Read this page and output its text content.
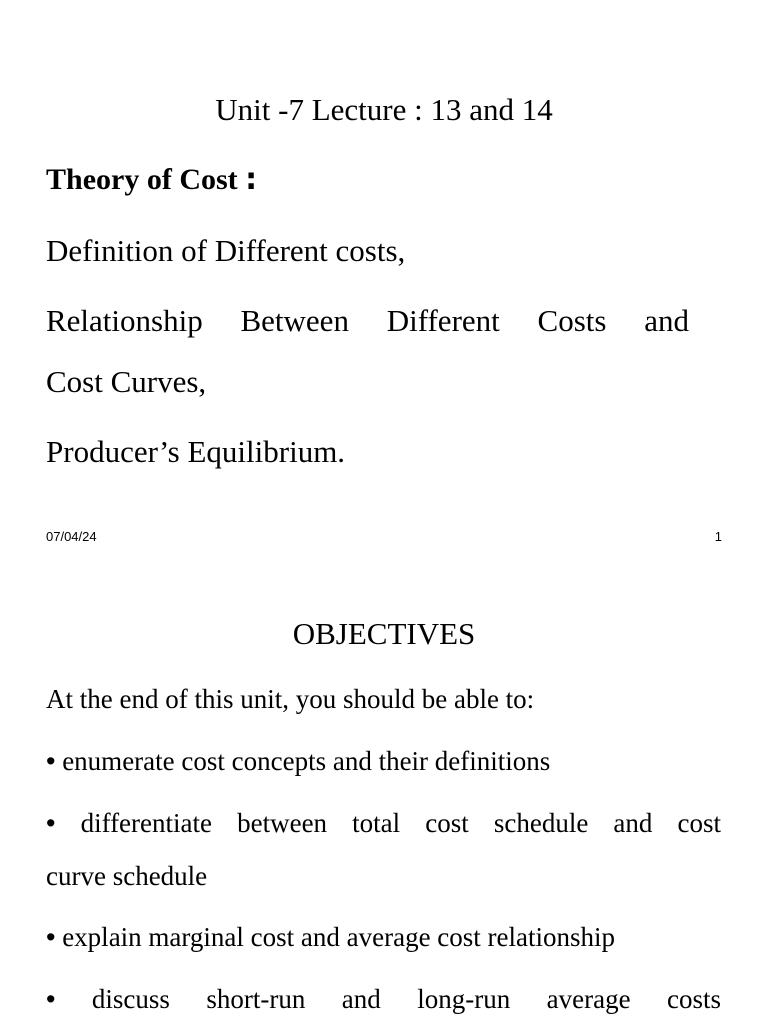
Unit -7 Lecture : 13 and 14
Theory of Cost :

Definition of Different costs,

Relationship Between Different Costs and

Cost Curves,

Producer’s Equilibrium.

07/04/24	1

OBJECTIVES

At the end of this unit, you should be able to:

• enumerate cost concepts and their definitions

• differentiate between total cost schedule and cost

curve schedule

• explain marginal cost and average cost relationship

• discuss short-run and long-run average costs
